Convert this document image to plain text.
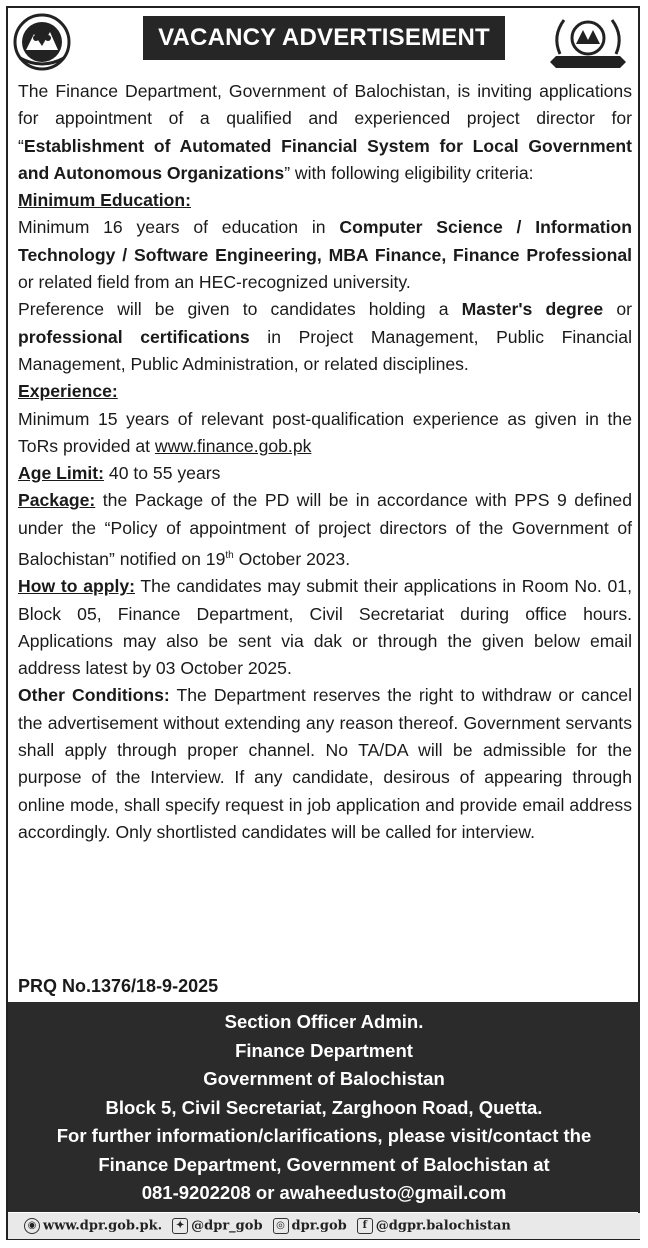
VACANCY ADVERTISEMENT

The Finance Department, Government of Balochistan, is inviting applications for appointment of a qualified and experienced project director for “Establishment of Automated Financial System for Local Government and Autonomous Organizations” with following eligibility criteria:

Minimum Education:

Minimum 16 years of education in Computer Science / Information Technology / Software Engineering, MBA Finance, Finance Professional or related field from an HEC-recognized university.

Preference will be given to candidates holding a Master's degree or professional certifications in Project Management, Public Financial Management, Public Administration, or related disciplines.

Experience:

Minimum 15 years of relevant post-qualification experience as given in the ToRs provided at www.finance.gob.pk

Age Limit: 40 to 55 years

Package: the Package of the PD will be in accordance with PPS 9 defined under the “Policy of appointment of project directors of the Government of Balochistan” notified on 19th October 2023.

How to apply: The candidates may submit their applications in Room No. 01, Block 05, Finance Department, Civil Secretariat during office hours. Applications may also be sent via dak or through the given below email address latest by 03 October 2025.

Other Conditions: The Department reserves the right to withdraw or cancel the advertisement without extending any reason thereof. Government servants shall apply through proper channel. No TA/DA will be admissible for the purpose of the Interview. If any candidate, desirous of appearing through online mode, shall specify request in job application and provide email address accordingly. Only shortlisted candidates will be called for interview.

PRQ No.1376/18-9-2025
Section Officer Admin.
Finance Department
Government of Balochistan
Block 5, Civil Secretariat, Zarghoon Road, Quetta.
For further information/clarifications, please visit/contact the
Finance Department, Government of Balochistan at
081-9202208 or awaheedusto@gmail.com
◉ www.dpr.gob.pk.	✦ @dpr_gob	◎ dpr.gob	f @dgpr.balochistan
